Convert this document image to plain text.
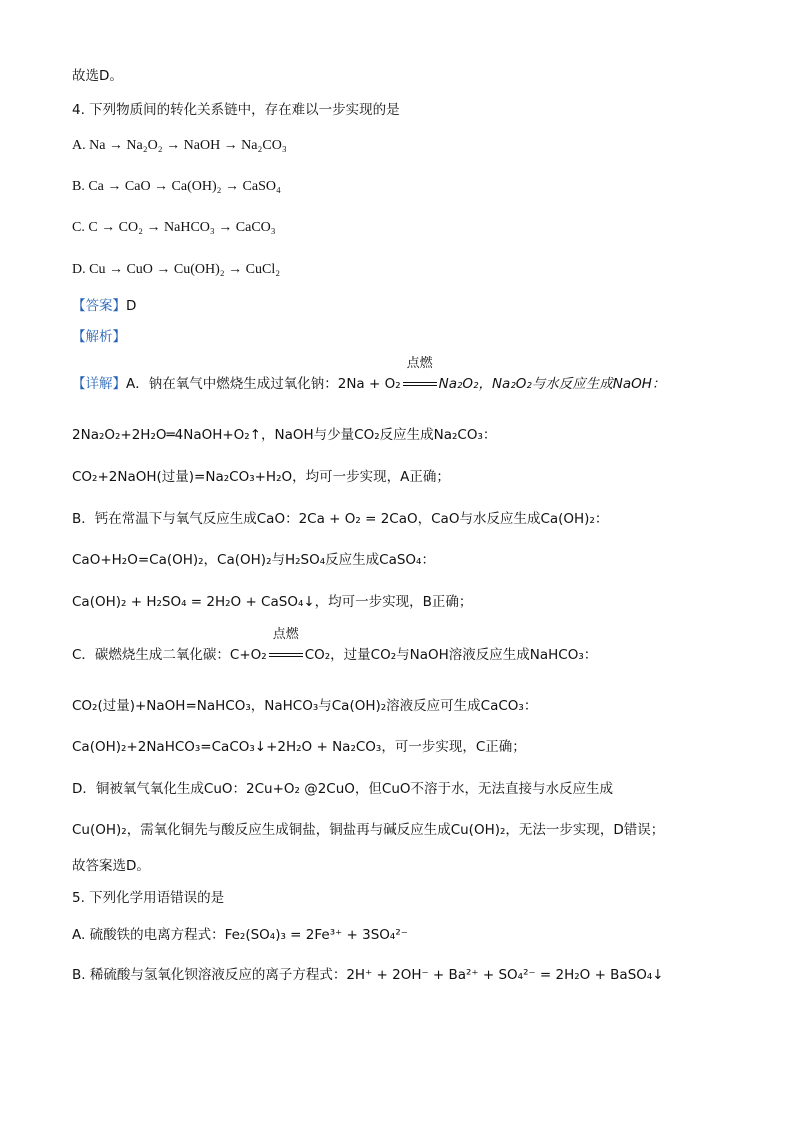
故选D。
4. 下列物质间的转化关系链中，存在难以一步实现的是
A. Na → Na₂O₂ → NaOH → Na₂CO₃
B. Ca → CaO → Ca(OH)₂ → CaSO₄
C. C → CO₂ → NaHCO₃ → CaCO₃
D. Cu → CuO → Cu(OH)₂ → CuCl₂
【答案】D
【解析】
【详解】A．钠在氧气中燃烧生成过氧化钠：2Na + O₂
点燃
Na₂O₂，Na₂O₂与水反应生成NaOH：
2Na₂O₂+2H₂O═4NaOH+O₂↑，NaOH与少量CO₂反应生成Na₂CO₃：
CO₂+2NaOH(过量)=Na₂CO₃+H₂O，均可一步实现，A正确；
B．钙在常温下与氧气反应生成CaO：2Ca + O₂ = 2CaO，CaO与水反应生成Ca(OH)₂：
CaO+H₂O=Ca(OH)₂，Ca(OH)₂与H₂SO₄反应生成CaSO₄：
Ca(OH)₂ + H₂SO₄ = 2H₂O + CaSO₄↓，均可一步实现，B正确；
C．碳燃烧生成二氧化碳：C+O₂
点燃
CO₂，过量CO₂与NaOH溶液反应生成NaHCO₃：
CO₂(过量)+NaOH=NaHCO₃，NaHCO₃与Ca(OH)₂溶液反应可生成CaCO₃：
Ca(OH)₂+2NaHCO₃=CaCO₃↓+2H₂O + Na₂CO₃，可一步实现，C正确；
D．铜被氧气氧化生成CuO：2Cu+O₂ @2CuO，但CuO不溶于水，无法直接与水反应生成
Cu(OH)₂，需氧化铜先与酸反应生成铜盐，铜盐再与碱反应生成Cu(OH)₂，无法一步实现，D错误；
故答案选D。
5. 下列化学用语错误的是
A. 硫酸铁的电离方程式：Fe₂(SO₄)₃ = 2Fe³⁺ + 3SO₄²⁻
B. 稀硫酸与氢氧化钡溶液反应的离子方程式：2H⁺ + 2OH⁻ + Ba²⁺ + SO₄²⁻ = 2H₂O + BaSO₄↓
